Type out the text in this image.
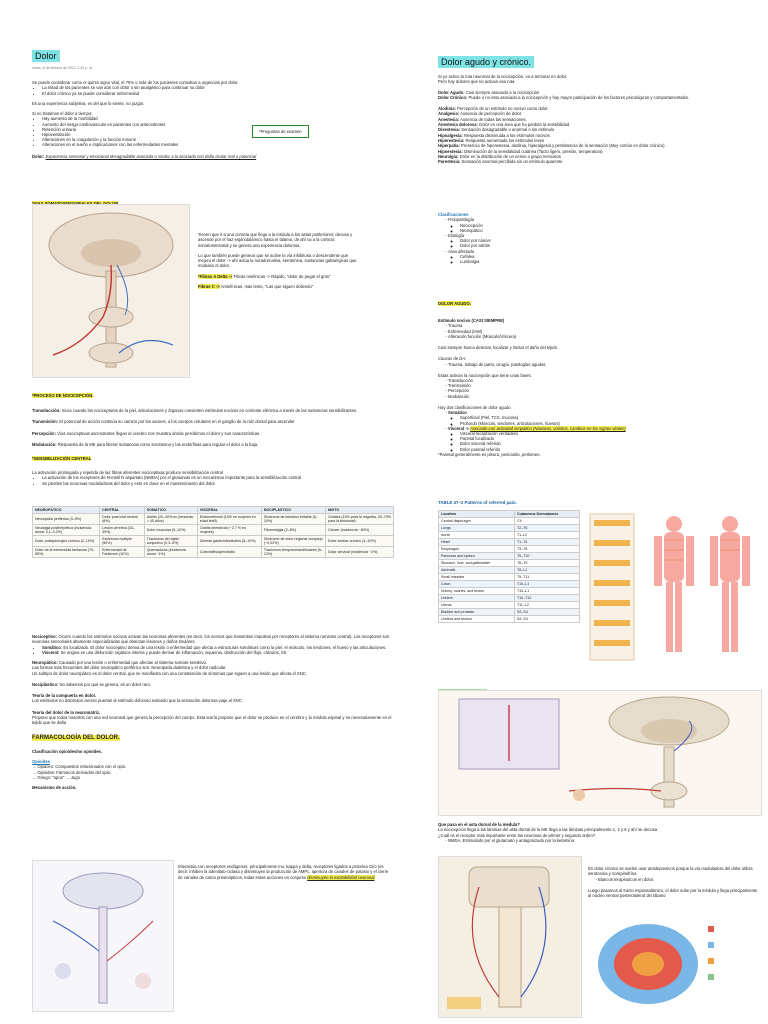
Dolor
lunes, 8 de febrero de 2021 1:33 p. m.

Se puede considerar como el quinto signo vital, el 70% o más de los pacientes consultan a urgencias por dolor.

• La mitad de los pacientes se van aún con dolor o sin analgésico para continuar su dolor
• El dolor crónico ya se puede considerar enfermedad

Es una experiencia subjetiva, es del que lo siente, no juzgar.

Si no tratamos el dolor a tiempo:

• Hay aumento de la morbilidad
• Aumento del riesgo cardiovascular en pacientes con antecedentes
• Retención urinaria
• Hipoventilación
• Alteraciones en la coagulación y la función inmune
• Alteraciones en el sueño e implicaciones con las enfermedades mentales

Dolor: Experiencia sensorial y emocional desagradable asociada o similar a la asociada con daño tisular real o potencial

*Preguntas de examen

Tienen que ir a una corneta que llega a la médula a los astas posteriores; decusa y ascende por el haz espinotalámico hasta el tálamo, de ahí va a la corteza somatosensorial y se genera una experiencia dolorosa.

Lo que también puede generar que se active la vía inhibitoria o descendente que mejora el dolor -> ahí actúa la noradrenalina, serotonina, sustancias gabaérgicas que modulan el dolor.

*Fibras A Delta -> Fibras mielínicas -> Rápido, "dolor de pegar el grito"

Fibras C -> Amielínicas, más lento, "Las que siguen doliendo"

*PROCESO DE NOCICEPCIÓN.

Transducción: Inicia cuando los nociceptores de la piel, articulaciones y órganos convierten estímulos nocivos en corriente eléctrica a través de las sustancias sensibilizantes.

Transmisión: El potencial de acción continúa su camino por los axones, a los cuerpos celulares en el ganglio de la raíz dorsal para ascender

Percepción: Vías nociceptivas ascendentes llegan al cerebro nos muestra donde percibimos el dolor y sus características.

Modulación: Respuesta de la ME para liberar sustancias como serotonina y las endorfinas para regular el dolor a la baja.

*SENSIBILIZACIÓN CENTRAL

La activación prolongada y repetida de las fibras aferentes nociceptivas produce sensibilización central

• La activación de los receptores de N-metil D aspartato (NMDA) por el glutamato es un mecanismo importante para la sensibilización central
• Se pierden las neuronas moduladoras del dolor y esto es clave en el mantenimiento del dolor
NEUROPÁTICO	CENTRAL	SOMÁTICO	VISCERAL	NOCIPLÁSTICO	MIXTO
Neuropatía periférica (3–9%)	Dolor post ictal central (8%)	Artritis (20–40% en personas > 45 años)	Endometriosis (10% en mujeres en edad fértil)	Síndrome de intestino irritable (5–10%)	Cefalea (15% para la migraña, 30–70% para la tensional)
Neuralgia postherpética (incidencia anual: 0,1–0,2%)	Lesión cerebral (34–39%)	Dolor muscular (5–10%)	Cistitis intersticial (~2,7 % en mujeres)	Fibromialgia (2–8%)	Cáncer (incidencia ~60%)
Dolor postquirúrgico crónico (2–10%)	Esclerosis múltiple (50%)	Trastornos del tejido conjuntivo (0,3–5%)	Úlceras gastrointestinales (5–10%)	Síndrome de dolor regional complejo (~0,02%)	Dolor lumbar crónico (4–10%)
Dolor de la extremidad fantasma (70–85%)	Enfermedad de Parkinson (10%)	Quemaduras (incidencia anual ~1%)	Colecistitis/apendicitis	Trastornos temporomandibulares (5–12%)	Dolor cervical (incidencia ~2%)

Nociceptivo: Ocurre cuando los estímulos nocivos activan las neuronas aferentes (es decir, los nervios que transmiten impulsos por receptores al sistema nervioso central). Los receptores son neuronas sensoriales altamente especializadas que detectan lesiones y daños tisulares.

• Somático: Es localizado. El dolor nociceptivo deriva de una lesión o enfermedad que afecta a estructuras somáticas como la piel, el músculo, los tendones, el hueso y las articulaciones.
• Visceral: Se origina en una disfunción orgánica interna y puede derivar de inflamación, isquemia, obstrucción del flujo, cálculos, SII.

Neuropático: Causado por una lesión o enfermedad que afectan al sistema somato-sensitivo.

Las formas más frecuentes del dolor neuropático periférico son: Neuropatía diabética y el dolor radicular.

Un subtipo de dolor neuropático es el dolor central, que se manifiesta con una constelación de síntomas que siguen a una lesión que afecta el SNC.

Nociplástico: No sabemos por qué se genera, es un dolor raro.

Teoría de la compuerta en dolor.

Los estímulos no dolorosos cierran puertas al estímulo doloroso evitando que la sensación dolorosa viaje al SNC.

Teoría del dolor de la neuromatriz.

Propone que todos nosotros con una red neuronal que genera la percepción del cuerpo. Esta teoría propone que el dolor se produce en el cerebro y la médula espinal y no necesariamente en el tejido que se daña

FARMACOLOGÍA DEL DOLOR.

Clasificación opioides/no opioides.

Opioides

→ Opiáceo: Compuestos relacionados con el opio.

→ Opioides: Fármacos derivados del opio.

→ Griego: "opos" → Jugo

Mecanismo de acción.

Interactúa con receptores endógenos, principalmente mu, kappa y delta, receptores ligados a proteína Gi/o (es decir: inhiben la adenilato-ciclasa y disminuyen la producción de AMPc, apertura de canales de potasio y el cierre de canales de calcio presinápticos, todas estas acciones en conjunto disminuyen la excitabilidad neuronal

Dolor agudo y crónico.

Si yo activo la ruta neuronal de la nocicepción, va a terminar en dolor.

Pero hay dolores que no activan esa ruta.

Dolor Agudo: Casi siempre asociado a la nocicepción

Dolor Crónico: Puede o no esta asociado a la nocicepción y hay mayor participación de los factores psicológicos y comportamentales.

Alodinia: Percepción de un estímulo no nocivo como dolor.

Analgesia: Ausencia de percepción de dolor.

Anestesia: Ausencia de todas las sensaciones.

Anestesia dolorosa: Dolor en una área que ha perdido la sensibilidad

Disestesia: Sensación desagradable o anormal o sin estímulo

Hipoalgesia: Respuesta disminuida a los estímulos nocivos

Hiperestesia: Respuesta aumentada los estímulos leves

Hiperpatía: Presencia de hiperestesia, alodinia, hiperalgesia y persistencia de la sensación (Muy común en dolor crónico)

Hipoestesia: Disminución de la sensibilidad cutánea (Tacto ligero, presión, temperatura)

Neuralgia: Dolor en la distribución de un nervio o grupo nerviosos

Parestesia: Sensación anormal percibida sin un estímulo aparente

Clasificaciones

- Fisiopatología
◦ Nocicepción
◦ Neuropático
- Etiología
◦ Dolor por cáncer
◦ Dolor por artritis
- Área afectada
◦ Cefalea
◦ Lumbalgia
DOLOR AGUDO.

Estímulo nocivo (CASI SIEMPRE)

- Trauma
- Enfermedad (IAM)
- Alteración función (Músculo/Víscera)

Casi siempre busca detectar, localizar y limitar el daño del tejido.

Causas de DA:

- Trauma, trabajo de parto, cirugía, patologías agudas.

Estas activan la nocicepción que tiene unas fases:

- Transducción
- Transmisión
- Percepción
- Modulación

Hay dos clasificaciones de dolor agudo

- Somático
◦ Superficial (Piel, TCS, mucosa)
◦ Profundo (Músculo, tendones, articulaciones, huesos)
- Visceral -> Asociado con actividad simpática (Náuseas, vómitos, cambios en los signos vitales)
◦ Visceral localización verdadera
◦ Parietal localizado
◦ Dolor visceral referido
◦ Dolor parietal referido

*Parietal generalmente es pleura, pericardio, peritoneo.

TABLE 47–2 Patterns of referred pain.
Location	Cutaneous Dermatomes
Central diaphragm	C4
Lungs	T2–T6
Aorta	T1–L2
Heart	T1–T4
Esophagus	T3–T8
Pancreas and spleen	T5–T10
Stomach, liver, and gallbladder	T6–T9
Adrenals	T8–L1
Small intestine	T9–T11
Colon	T10–L1
Kidney, ovaries, and testes	T10–L1
Ureters	T10–T12
Uterus	T11–L2
Bladder and prostate	S2–S4
Urethra and rectum	S2–S4

Que pasa en el asta dorsal de la medula?

La nocicepción llega a las láminas del asta dorsal de la ME llega a las láminas principalmente 1, 2 y 5 y ahí se decusa

¿Cuál es el receptor más importante entre las neuronas de primer y segundo orden?

- NMDA, Estimulado por el glutamato y antagonizado por la ketamina

En dolor crónico se suelen usar antidepresivos porque la vía moduladora del dolor utiliza serotonina y norepinefrina

- Blancos terapéuticos en dolor.

Luego pasamos al tracto espinotalámico, el dolor sube por la médula y llega principalmente al núcleo ventral posterolateral del tálamo
